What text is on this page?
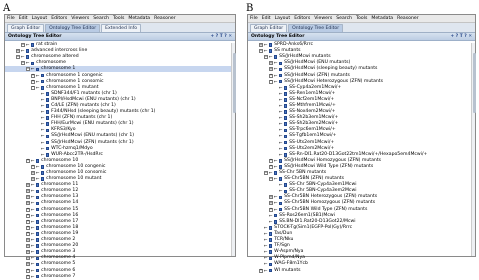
A	B
File Edit Layout Editors Viewers Search Tools Metadata Reasoner
Graph Editor	Ontology Tree Editor	Extended Info
Ontology Tree Editor	+ ? T ? ✕
− ← rat strain
+ ← advanced intercross line
− ← chromosome altered
− ← chromosome
− ← chromosome 1
+ ← chromosome 1 congenic
+ ← chromosome 1 consomic
− ← chromosome 1 mutant
← SDNF344/F1 mutants (chr 1)
← BNPI/HsdMcwi (ENU mutants) (chr 1)
← Cd/LE (ZFN) mutants (chr 1)
← F344/NHsd (sleeping beauty) mutants (chr 1)
← FHH (ZFN) mutants (chr 1)
← FHH/EurMcwi (ENU mutants) (chr 1)
← KFRS3/Kyo
← SS/JrHsdMcwi (ENU mutants) (chr 1)
← SS/JrHsdMcwi (ZFN) mutants (chr 1)
← WTC-hzmq1/Mdyo
← WUR-Abcc2TR-/HsdRrc
+ ← chromosome 10
+ ← chromosome 10 congenic
+ ← chromosome 10 consomic
+ ← chromosome 10 mutant
+ ← chromosome 11
+ ← chromosome 12
+ ← chromosome 13
+ ← chromosome 14
+ ← chromosome 15
+ ← chromosome 16
+ ← chromosome 17
+ ← chromosome 18
+ ← chromosome 19
+ ← chromosome 2
+ ← chromosome 20
+ ← chromosome 3
+ ← chromosome 4
+ ← chromosome 5
+ ← chromosome 6
+ ← chromosome 7
File Edit Layout Editors Viewers Search Tools Metadata Reasoner
Graph Editor	Ontology Tree Editor
Ontology Tree Editor	+ ? T ? ✕
+ ← SPRD-Anks6/Rrrc
− ← SS mutants
− ← SS/JrHsdMcwi mutants
+ ← SS/JrHsdMcwi (ENU mutants)
+ ← SS/JrHsdMcwi (sleeping beauty) mutants
+ ← SS/JrHsdMcwi (ZFN) mutants
− ← SS/JrHsdMcwi Heterozygous (ZFN) mutants
← SS-Cyp4a2em1Mcwi/+
← SS-Ren1em1Mcwi/+
← SS-Ncf2em1Mcwi/+
← SS-Mthfrem1Mcwi/+
← SS-Nox4em2Mcwi/+
← SS-Sh2b3em1Mcwi/+
← SS-Sh2b3em2Mcwi/+
← SS-Trpc6em1Mcwi/+
← SS-Tgfb1em1Mcwi/+
← SS-Uts2em1Mcwi/+
← SS-Uts2em2Mcwi/+
← SS-Rn-Dl1.Rat20-D13Got22tm1Mcwi/+/Hexapo5em4Mcwi/+
+ ← SS/JrHsdMcwi Homozygous (ZFN) mutants
+ ← SS/JrHsdMcwi Wild Type (ZFN) mutants
− ← SS-Chr 5BN mutants
− ← SS-Chr5BN (ZFN) mutants
← SS-Chr 5BN-Cyp4a3em1Mcwi
← SS-Chr 5BN-Cyp4a3em2Mcwi
+ ← SS-Chr5BN Heterozygous (ZFN) mutants
+ ← SS-Chr5BN Homozygous (ZFN) mutants
+ ← SS-Chr5BN Wild Type (ZFN) mutants
← SS-Ros26em1(SB1)Mcwi
← SS.BN-Dl1.Rat20-D13Got22/Mcwi
← STOCK-Tg(Sim1(EGFP-Pol)Gy)/Rrrc
← Tas/Dun
← TCR/Nku
← TF/Sgn
← W-Aspm/Nya
← W-Plpmd/Nya
← WAG-F8m1Ycb
+ ← WI mutants
